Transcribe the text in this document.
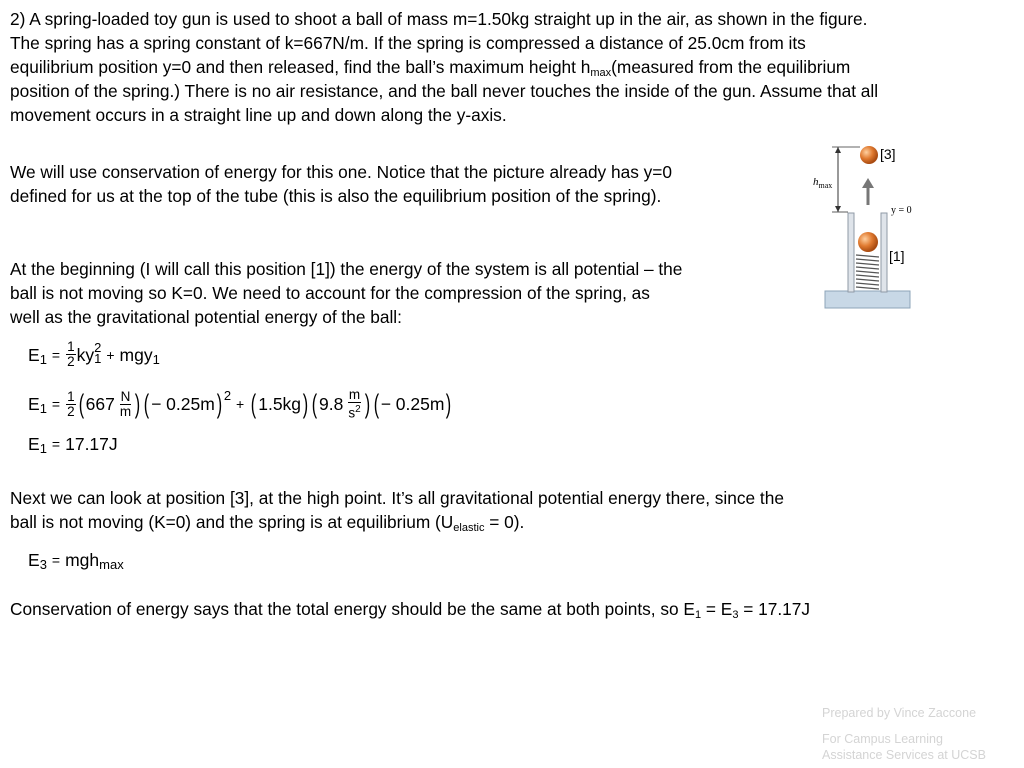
2) A spring-loaded toy gun is used to shoot a ball of mass m=1.50kg straight up in the air, as shown in the figure.

The spring has a spring constant of k=667N/m. If the spring is compressed a distance of 25.0cm from its

equilibrium position y=0 and then released, find the ball’s maximum height $h_{max}(measured$ from the equilibrium

position of the spring.) There is no air resistance, and the ball never touches the inside of the gun. Assume that all

movement occurs in a straight line up and down along the y-axis.

We will use conservation of energy for this one. Notice that the picture already has y=0

defined for us at the top of the tube (this is also the equilibrium position of the spring).

At the beginning (I will call this position [1]) the energy of the system is all potential – the

ball is not moving so K=0. We need to account for the compression of the spring, as

well as the gravitational potential energy of the ball:

E $1 = \frac{1}{2}$ ky 2
1 + mgy 1
E $1 = \frac{1}{2}$ ( $667 \frac{N}{m}$ ) ( − 0.25m ) 2
+ ( 1.5kg ) ( $9.8 \frac{m}{s^2}$ ) ( − 0.25m )
E 1 = 17.17J

Next we can look at position [3], at the high point. It’s all gravitational potential energy there, since the

ball is not moving (K=0) and the spring is at equilibrium $(U_{elastic} = 0)$.

E 3 = mgh max

Conservation of energy says that the total energy should be the same at both points, so $E_1 = E_3 = 17.17J$

[3]
[1]
$h_{max}$
y = 0
Prepared by Vince Zaccone
For Campus Learning
Assistance Services at UCSB
